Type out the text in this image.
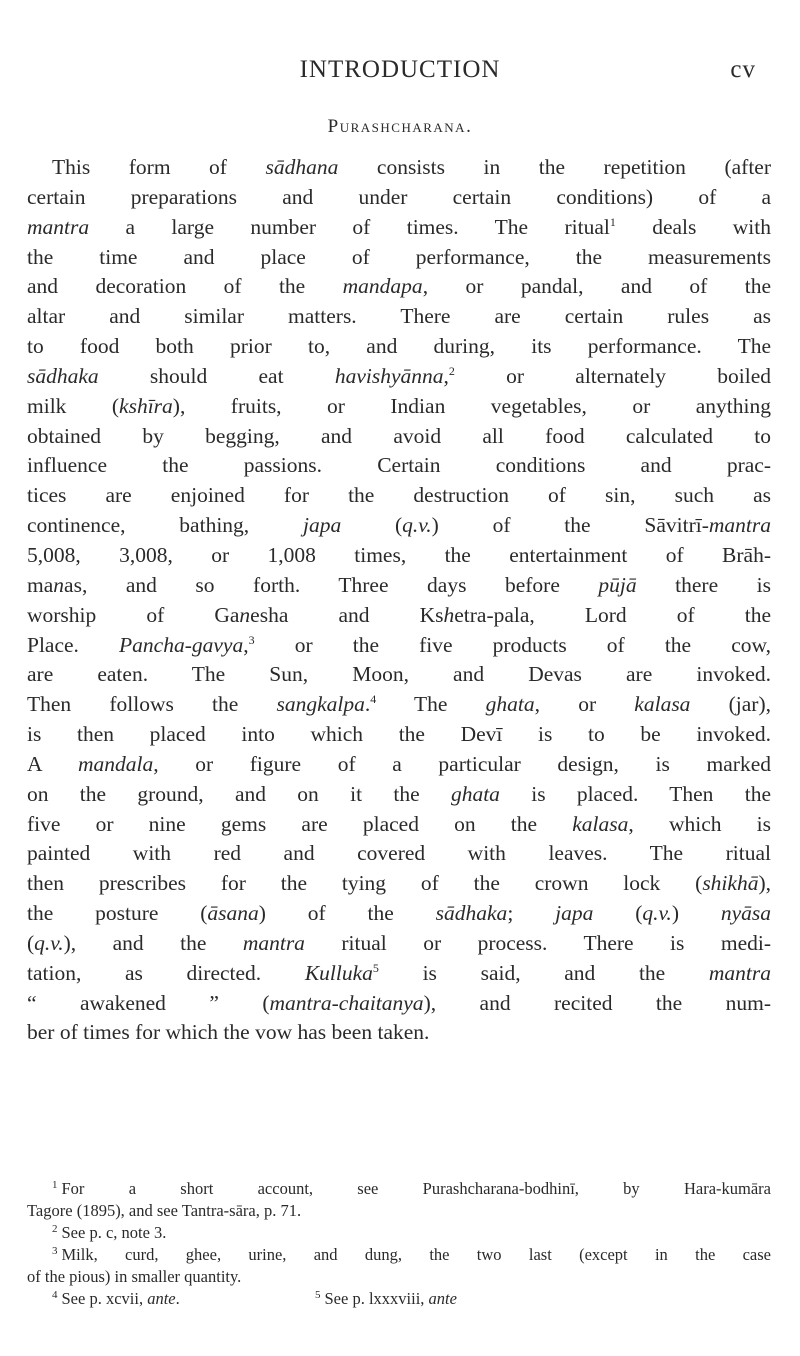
INTRODUCTION	cv
Purashcharana.
This form of sādhana consists in the repetition (after
certain preparations and under certain conditions) of a
mantra a large number of times. The ritual$^1$ deals with
the time and place of performance, the measurements
and decoration of the mandapa, or pandal, and of the
altar and similar matters. There are certain rules as
to food both prior to, and during, its performance. The
sādhaka should eat havishyānna,$^2$ or alternately boiled
milk (kshīra), fruits, or Indian vegetables, or anything
obtained by begging, and avoid all food calculated to
influence the passions. Certain conditions and prac-
tices are enjoined for the destruction of sin, such as
continence, bathing, japa (q.v.) of the Sāvitrī-mantra
5,008, 3,008, or 1,008 times, the entertainment of Brāh-
manas, and so forth. Three days before pūjā there is
worship of Ganesha and Kshetra-pala, Lord of the
Place. Pancha-gavya,$^3$ or the five products of the cow,
are eaten. The Sun, Moon, and Devas are invoked.
Then follows the sangkalpa.$^4$ The ghata, or kalasa (jar),
is then placed into which the Devī is to be invoked.
A mandala, or figure of a particular design, is marked
on the ground, and on it the ghata is placed. Then the
five or nine gems are placed on the kalasa, which is
painted with red and covered with leaves. The ritual
then prescribes for the tying of the crown lock (shikhā),
the posture (āsana) of the sādhaka; japa (q.v.) nyāsa
(q.v.), and the mantra ritual or process. There is medi-
tation, as directed. Kulluka$^5$ is said, and the mantra
“ awakened ” (mantra-chaitanya), and recited the num-
ber of times for which the vow has been taken.
$^1$ For a short account, see Purashcharana-bodhinī, by Hara-kumāra
Tagore (1895), and see Tantra-sāra, p. 71.
$^2$ See p. c, note 3.
$^3$ Milk, curd, ghee, urine, and dung, the two last (except in the case
of the pious) in smaller quantity.
$^4$ See p. xcvii, ante.	$^5$ See p. lxxxviii, ante
